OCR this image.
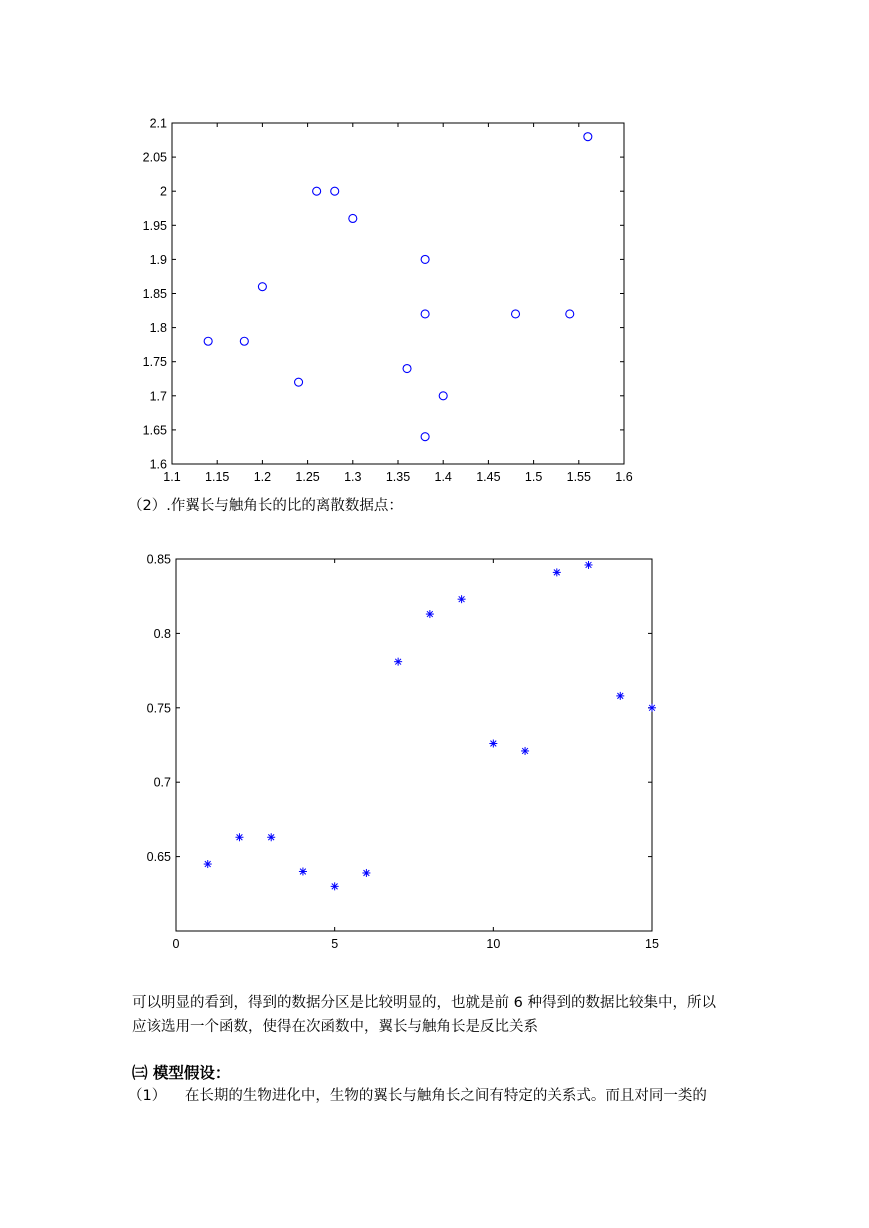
1.1 1.15 1.2 1.25 1.3 1.35 1.4 1.45 1.5 1.55 1.6
1.6
1.65
1.7
1.75
1.8
1.85
1.9
1.95
2
2.05
2.1
（2）.作翼长与触角长的比的离散数据点：
0	5	10	15
0.65
0.7
0.75
0.8
0.85
可以明显的看到，得到的数据分区是比较明显的，也就是前 6 种得到的数据比较集中，所以
应该选用一个函数，使得在次函数中，翼长与触角长是反比关系
㈢ 模型假设：
（1） 在长期的生物进化中，生物的翼长与触角长之间有特定的关系式。而且对同一类的
